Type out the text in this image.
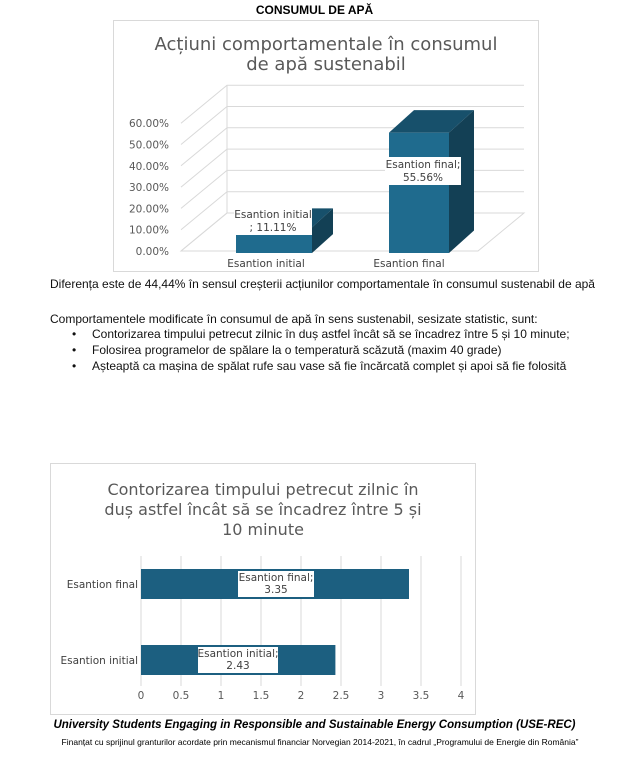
CONSUMUL DE APĂ
Acțiuni comportamentale în consumul
de apă sustenabil
0.00%
10.00%
20.00%
30.00%
40.00%
50.00%
60.00%
Esantion initial
Esantion initial
; 11.11%
Esantion final
Esantion final;
55.56%
Diferența este de 44,44% în sensul creșterii acțiunilor comportamentale în consumul sustenabil de apă
Comportamentele modificate în consumul de apă în sens sustenabil, sesizate statistic, sunt:
• Contorizarea timpului petrecut zilnic în duș astfel încât să se încadrez între 5 și 10 minute;
• Folosirea programelor de spălare la o temperatură scăzută (maxim 40 grade)
• Așteaptă ca mașina de spălat rufe sau vase să fie încărcată complet și apoi să fie folosită
Contorizarea timpului petrecut zilnic în
duș astfel încât să se încadrez între 5 și
10 minute
0	0.5	1	1.5	2	2.5	3	3.5	4
Esantion final
Esantion final;
3.35
Esantion initial
Esantion initial;
2.43
University Students Engaging in Responsible and Sustainable Energy Consumption (USE-REC)
Finanțat cu sprijinul granturilor acordate prin mecanismul financiar Norvegian 2014-2021, în cadrul „Programului de Energie din România”
